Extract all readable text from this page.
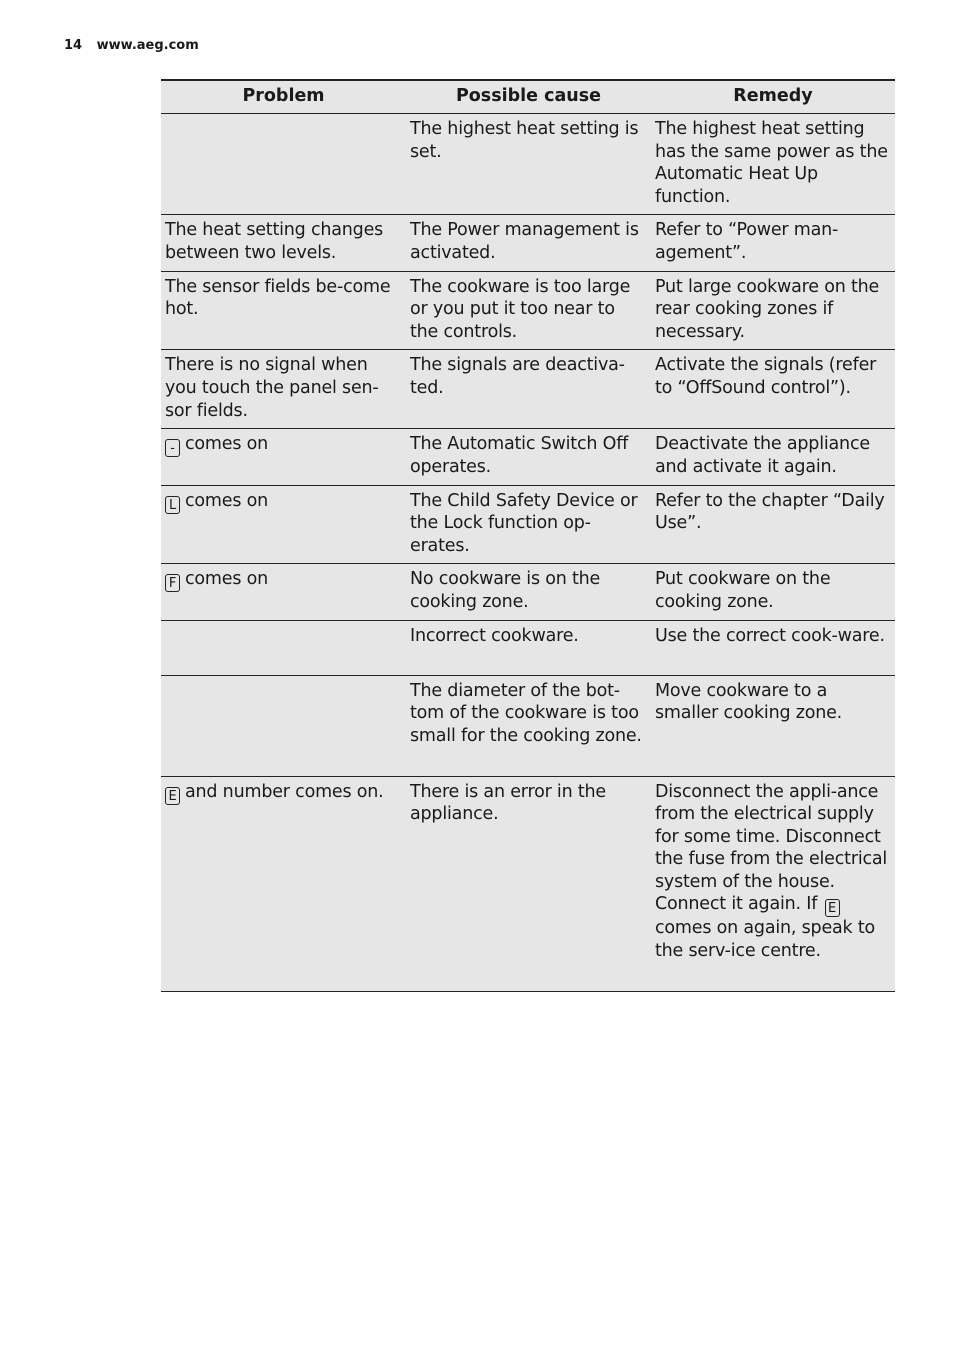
14 www.aeg.com
Problem	Possible cause	Remedy
	The highest heat setting is set.	The highest heat setting has the same power as the Automatic Heat Up function.
The heat setting changes between two levels.	The Power management is activated.	Refer to “Power man-agement”.
The sensor fields be-come hot.	The cookware is too large or you put it too near to the controls.	Put large cookware on the rear cooking zones if necessary.
There is no signal when you touch the panel sen-sor fields.	The signals are deactiva-ted.	Activate the signals (refer to “OffSound control”).
- comes on	The Automatic Switch Off operates.	Deactivate the appliance and activate it again.
L comes on	The Child Safety Device or the Lock function op-erates.	Refer to the chapter “Daily Use”.
F comes on	No cookware is on the cooking zone.	Put cookware on the cooking zone.
	Incorrect cookware.	Use the correct cook-ware.
	The diameter of the bot-tom of the cookware is too small for the cooking zone.	Move cookware to a smaller cooking zone.
E and number comes on.	There is an error in the appliance.	Disconnect the appli-ance from the electrical supply for some time. Disconnect the fuse from the electrical system of the house. Connect it again. If E comes on again, speak to the serv-ice centre.
